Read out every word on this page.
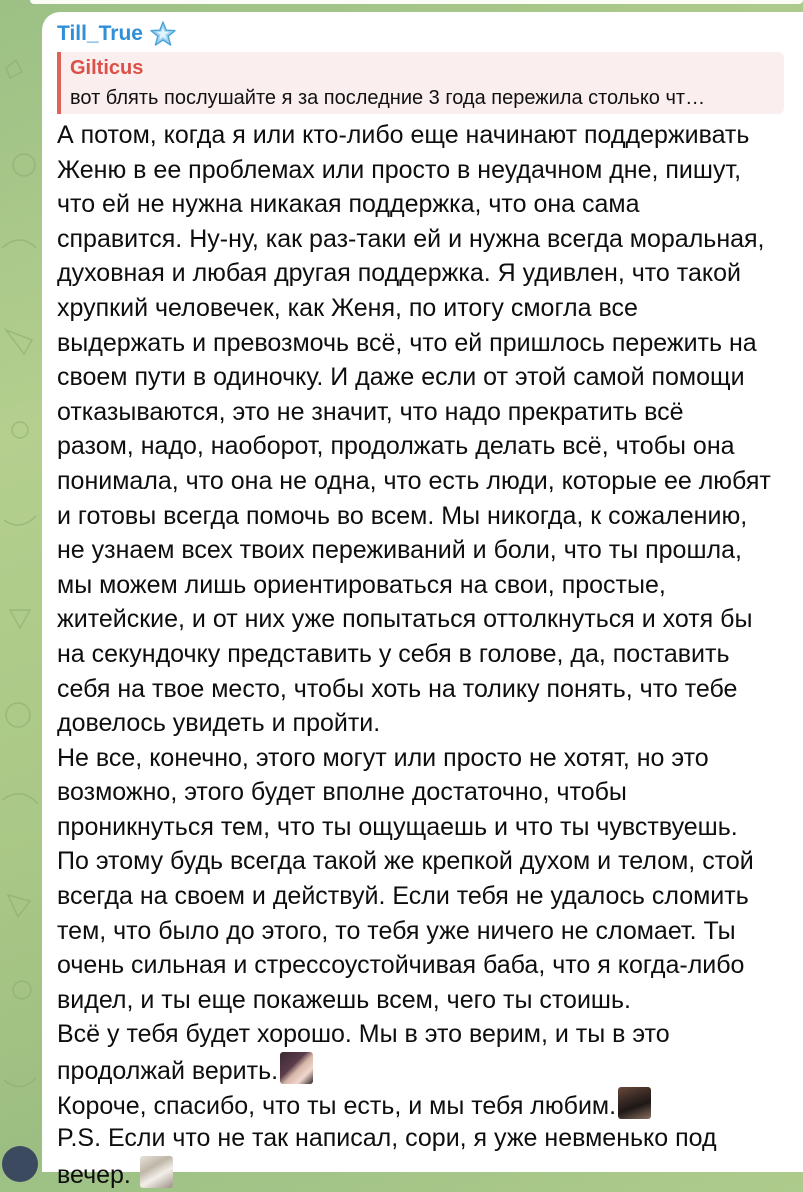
Till_True
Gilticus
вот блять послушайте я за последние 3 года пережила столько чт…
А потом, когда я или кто-либо еще начинают поддерживать
Женю в ее проблемах или просто в неудачном дне, пишут,
что ей не нужна никакая поддержка, что она сама
справится. Ну-ну, как раз-таки ей и нужна всегда моральная,
духовная и любая другая поддержка. Я удивлен, что такой
хрупкий человечек, как Женя, по итогу смогла все
выдержать и превозмочь всё, что ей пришлось пережить на
своем пути в одиночку. И даже если от этой самой помощи
отказываются, это не значит, что надо прекратить всё
разом, надо, наоборот, продолжать делать всё, чтобы она
понимала, что она не одна, что есть люди, которые ее любят
и готовы всегда помочь во всем. Мы никогда, к сожалению,
не узнаем всех твоих переживаний и боли, что ты прошла,
мы можем лишь ориентироваться на свои, простые,
житейские, и от них уже попытаться оттолкнуться и хотя бы
на секундочку представить у себя в голове, да, поставить
себя на твое место, чтобы хоть на толику понять, что тебе
довелось увидеть и пройти.
Не все, конечно, этого могут или просто не хотят, но это
возможно, этого будет вполне достаточно, чтобы
проникнуться тем, что ты ощущаешь и что ты чувствуешь.
По этому будь всегда такой же крепкой духом и телом, стой
всегда на своем и действуй. Если тебя не удалось сломить
тем, что было до этого, то тебя уже ничего не сломает. Ты
очень сильная и стрессоустойчивая баба, что я когда-либо
видел, и ты еще покажешь всем, чего ты стоишь.
Всё у тебя будет хорошо. Мы в это верим, и ты в это
продолжай верить.
Короче, спасибо, что ты есть, и мы тебя любим.
P.S. Если что не так написал, сори, я уже невменько под
вечер.
